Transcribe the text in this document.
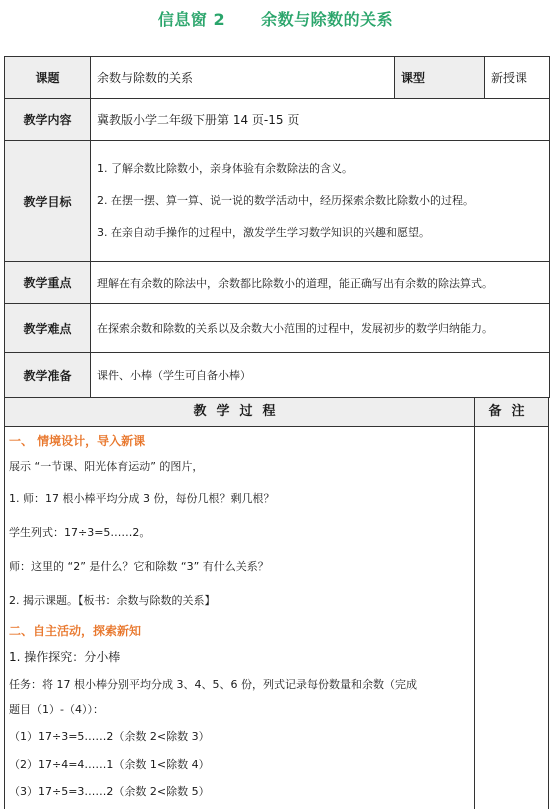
信息窗 2 余数与除数的关系
课题	余数与除数的关系	课型	新授课
教学内容	冀教版小学二年级下册第 14 页-15 页		
教学目标	1. 了解余数比除数小，亲身体验有余数除法的含义。

2. 在摆一摆、算一算、说一说的数学活动中，经历探索余数比除数小的过程。

3. 在亲自动手操作的过程中，激发学生学习数学知识的兴趣和愿望。		

教学重点	理解在有余数的除法中，余数都比除数小的道理，能正确写出有余数的除法算式。		
教学难点	在探索余数和除数的关系以及余数大小范围的过程中，发展初步的数学归纳能力。		
教学准备	课件、小棒（学生可自备小棒）		
教学过程	备注
一、 情境设计，导入新课
展示 “一节课、阳光体育运动” 的图片，
1. 师：17 根小棒平均分成 3 份，每份几根？剩几根？
学生列式：17÷3=5……2。
师：这里的 “2” 是什么？它和除数 “3” 有什么关系？
2. 揭示课题。【板书：余数与除数的关系】
二、自主活动，探索新知
1. 操作探究：分小棒
任务：将 17 根小棒分别平均分成 3、4、5、6 份，列式记录每份数量和余数（完成
题目（1）-（4））：
（1）17÷3=5……2（余数 2<除数 3）
（2）17÷4=4……1（余数 1<除数 4）
（3）17÷5=3……2（余数 2<除数 5）
